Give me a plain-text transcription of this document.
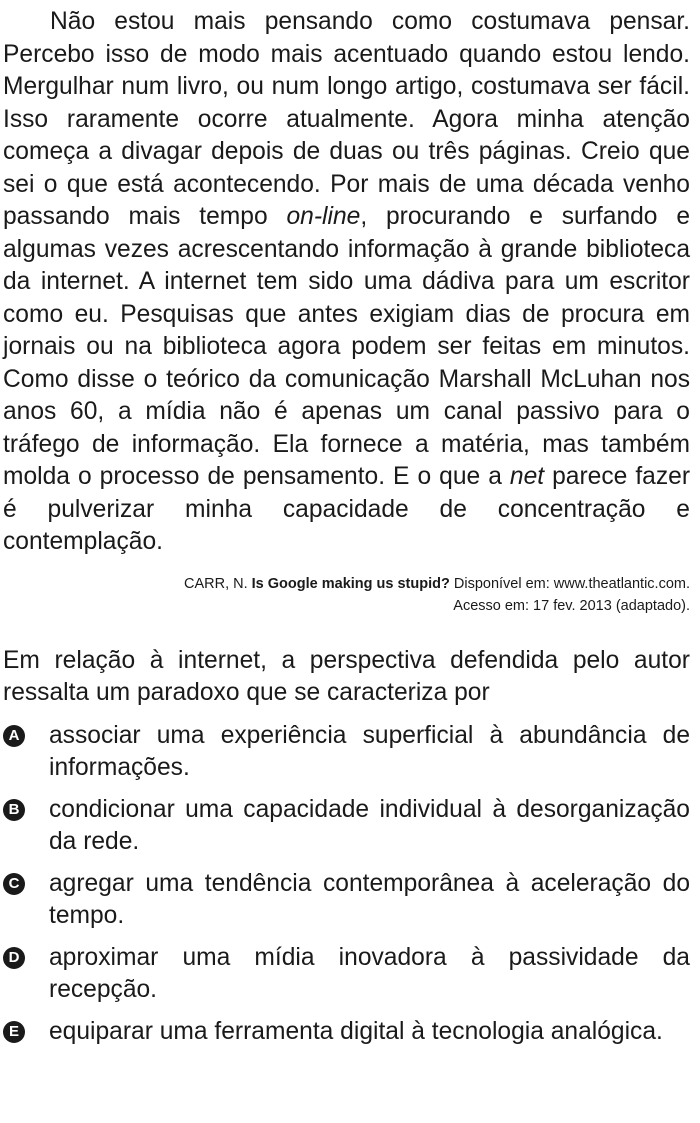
Não estou mais pensando como costumava pensar. Percebo isso de modo mais acentuado quando estou lendo. Mergulhar num livro, ou num longo artigo, costumava ser fácil. Isso raramente ocorre atualmente. Agora minha atenção começa a divagar depois de duas ou três páginas. Creio que sei o que está acontecendo. Por mais de uma década venho passando mais tempo on-line, procurando e surfando e algumas vezes acrescentando informação à grande biblioteca da internet. A internet tem sido uma dádiva para um escritor como eu. Pesquisas que antes exigiam dias de procura em jornais ou na biblioteca agora podem ser feitas em minutos. Como disse o teórico da comunicação Marshall McLuhan nos anos 60, a mídia não é apenas um canal passivo para o tráfego de informação. Ela fornece a matéria, mas também molda o processo de pensamento. E o que a net parece fazer é pulverizar minha capacidade de concentração e contemplação.

CARR, N. Is Google making us stupid? Disponível em: www.theatlantic.com.
Acesso em: 17 fev. 2013 (adaptado).

Em relação à internet, a perspectiva defendida pelo autor ressalta um paradoxo que se caracteriza por

A associar uma experiência superficial à abundância de informações.
B condicionar uma capacidade individual à desorganização da rede.
C agregar uma tendência contemporânea à aceleração do tempo.
D aproximar uma mídia inovadora à passividade da recepção.
E equiparar uma ferramenta digital à tecnologia analógica.
